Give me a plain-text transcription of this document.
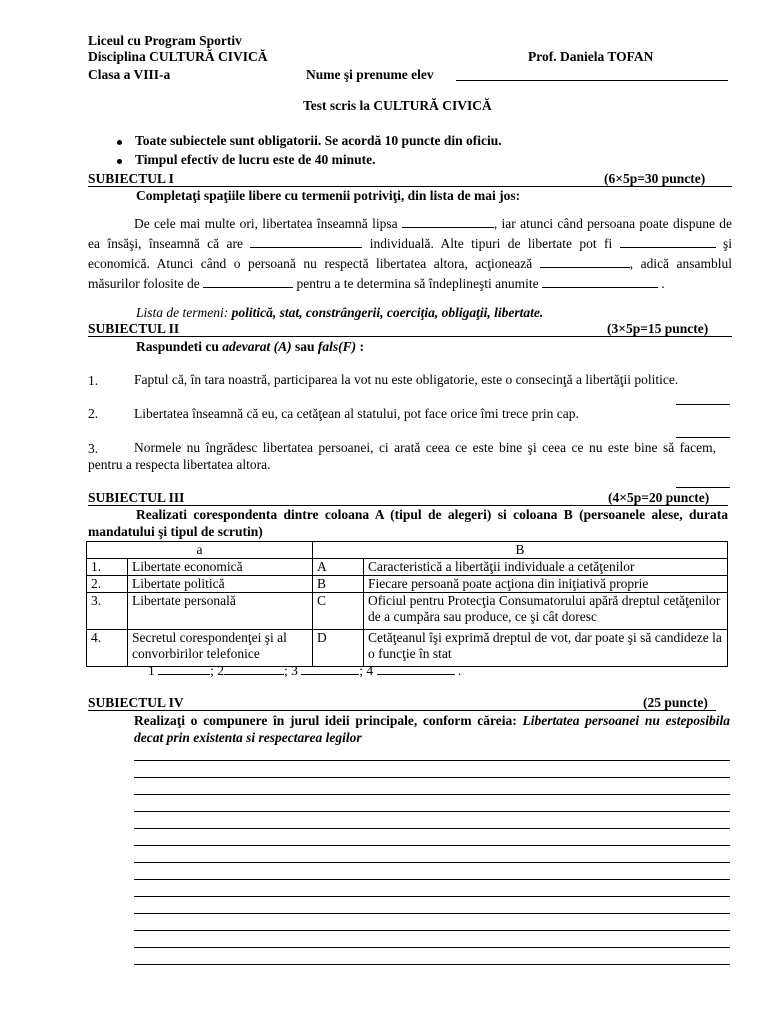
Liceul cu Program Sportiv
Disciplina CULTURĂ CIVICĂ	Prof. Daniela TOFAN
Clasa a VIII-a	Nume şi prenume elev
Test scris la CULTURĂ CIVICĂ
Toate subiectele sunt obligatorii. Se acordă 10 puncte din oficiu.
Timpul efectiv de lucru este de 40 minute.
SUBIECTUL I	(6×5p=30 puncte)
Completaţi spaţiile libere cu termenii potriviţi, din lista de mai jos:
De cele mai multe ori, libertatea înseamnă lipsa	, iar atunci când persoana poate dispune de ea însăşi, înseamnă că are	individuală. Alte tipuri de libertate pot fi	şi economică. Atunci când o persoană nu respectă libertatea altora, acţionează	, adică ansamblul măsurilor folosite de	pentru a te determina să îndeplineşti anumite	.
Lista de termeni: politică, stat, constrângerii, coerciţia, obligaţii, libertate.
SUBIECTUL II	(3×5p=15 puncte)
Raspundeti cu adevarat (A) sau fals(F) :
1.	Faptul că, în tara noastră, participarea la vot nu este obligatorie, este o consecinţă a libertăţii politice.
2.	Libertatea înseamnă că eu, ca cetăţean al statului, pot face orice îmi trece prin cap.
3.	Normele nu îngrădesc libertatea persoanei, ci arată ceea ce este bine şi ceea ce nu este bine să facem, pentru a respecta libertatea altora.
SUBIECTUL III	(4×5p=20 puncte)
Realizati corespondenta dintre coloana A (tipul de alegeri) si coloana B (persoanele alese, durata mandatului şi tipul de scrutin)
a		B	
1.	Libertate economică	A	Caracteristică a libertăţii individuale a cetăţenilor
2.	Libertate politică	B	Fiecare persoană poate acţiona din iniţiativă proprie
3.	Libertate personală	C	Oficiul pentru Protecţia Consumatorului apără dreptul cetăţenilor de a cumpăra sau produce, ce şi cât doresc
4.	Secretul corespondenţei şi al convorbirilor telefonice	D	Cetăţeanul îşi exprimă dreptul de vot, dar poate şi să candideze la o funcţie în stat
1	; 2	; 3	; 4	.
SUBIECTUL IV	(25 puncte)
Realizaţi o compunere în jurul ideii principale, conform căreia: Libertatea persoanei nu esteposibila decat prin existenta si respectarea legilor
